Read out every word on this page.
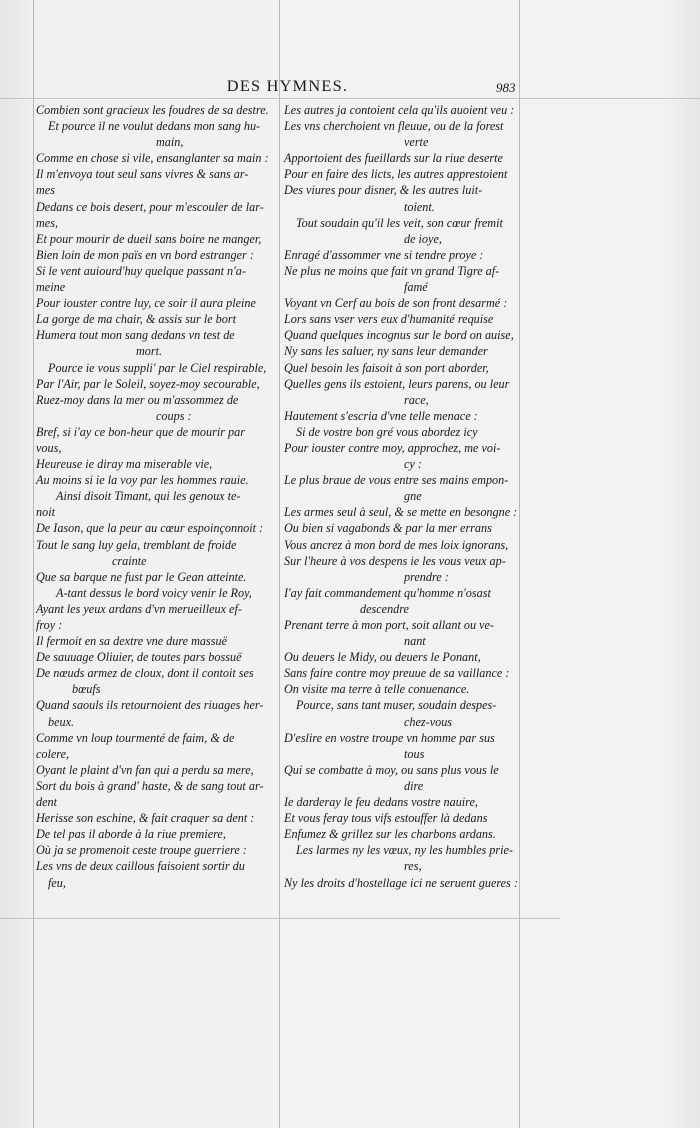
DES HYMNES.	983
Combien sont gracieux les foudres de sa destre.
Et pource il ne voulut dedans mon sang hu-
main,
Comme en chose si vile, ensanglanter sa main :
Il m'envoya tout seul sans vivres & sans ar-
mes
Dedans ce bois desert, pour m'escouler de lar-
mes,
Et pour mourir de dueil sans boire ne manger,
Bien loin de mon païs en vn bord estranger :
Si le vent auiourd'huy quelque passant n'a-
meine
Pour iouster contre luy, ce soir il aura pleine
La gorge de ma chair, & assis sur le bort
Humera tout mon sang dedans vn test de
mort.
Pource ie vous suppli' par le Ciel respirable,
Par l'Air, par le Soleil, soyez-moy secourable,
Ruez-moy dans la mer ou m'assommez de
coups :
Bref, si i'ay ce bon-heur que de mourir par
vous,
Heureuse ie diray ma miserable vie,
Au moins si ie la voy par les hommes rauie.
Ainsi disoit Timant, qui les genoux te-
noit
De Iason, que la peur au cœur espoinçonnoit :
Tout le sang luy gela, tremblant de froide
crainte
Que sa barque ne fust par le Gean atteinte.
A-tant dessus le bord voicy venir le Roy,
Ayant les yeux ardans d'vn merueilleux ef-
froy :
Il fermoit en sa dextre vne dure massuë
De sauuage Oliuier, de toutes pars bossuë
De nœuds armez de cloux, dont il contoit ses
bœufs
Quand saouls ils retournoient des riuages her-
beux.
Comme vn loup tourmenté de faim, & de
colere,
Oyant le plaint d'vn fan qui a perdu sa mere,
Sort du bois à grand' haste, & de sang tout ar-
dent
Herisse son eschine, & fait craquer sa dent :
De tel pas il aborde à la riue premiere,
Où ja se promenoit ceste troupe guerriere :
Les vns de deux caillous faisoient sortir du
feu,
Les autres ja contoient cela qu'ils auoient veu :
Les vns cherchoient vn fleuue, ou de la forest
verte
Apportoient des fueillards sur la riue deserte
Pour en faire des licts, les autres apprestoient
Des viures pour disner, & les autres luit-
toient.
Tout soudain qu'il les veit, son cœur fremit
de ioye,
Enragé d'assommer vne si tendre proye :
Ne plus ne moins que fait vn grand Tigre af-
famé
Voyant vn Cerf au bois de son front desarmé :
Lors sans vser vers eux d'humanité requise
Quand quelques incognus sur le bord on auise,
Ny sans les saluer, ny sans leur demander
Quel besoin les faisoit à son port aborder,
Quelles gens ils estoient, leurs parens, ou leur
race,
Hautement s'escria d'vne telle menace :
Si de vostre bon gré vous abordez icy
Pour iouster contre moy, approchez, me voi-
cy :
Le plus braue de vous entre ses mains empon-
gne
Les armes seul à seul, & se mette en besongne :
Ou bien si vagabonds & par la mer errans
Vous ancrez à mon bord de mes loix ignorans,
Sur l'heure à vos despens ie les vous veux ap-
prendre :
I'ay fait commandement qu'homme n'osast
descendre
Prenant terre à mon port, soit allant ou ve-
nant
Ou deuers le Midy, ou deuers le Ponant,
Sans faire contre moy preuue de sa vaillance :
On visite ma terre à telle conuenance.
Pource, sans tant muser, soudain despes-
chez-vous
D'eslire en vostre troupe vn homme par sus
tous
Qui se combatte à moy, ou sans plus vous le
dire
Ie darderay le feu dedans vostre nauire,
Et vous feray tous vifs estouffer là dedans
Enfumez & grillez sur les charbons ardans.
Les larmes ny les vœux, ny les humbles prie-
res,
Ny les droits d'hostellage ici ne seruent gueres :
